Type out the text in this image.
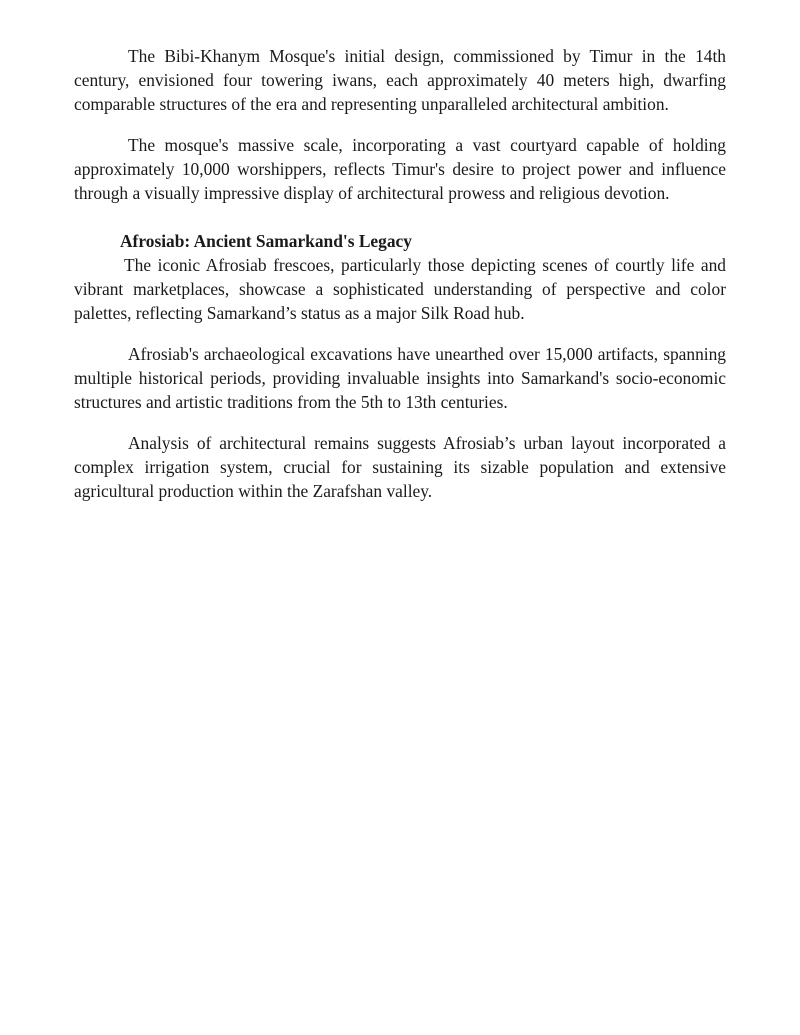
The Bibi-Khanym Mosque's initial design, commissioned by Timur in the 14th century, envisioned four towering iwans, each approximately 40 meters high, dwarfing comparable structures of the era and representing unparalleled architectural ambition.

The mosque's massive scale, incorporating a vast courtyard capable of holding approximately 10,000 worshippers, reflects Timur's desire to project power and influence through a visually impressive display of architectural prowess and religious devotion.

Afrosiab: Ancient Samarkand's Legacy

The iconic Afrosiab frescoes, particularly those depicting scenes of courtly life and vibrant marketplaces, showcase a sophisticated understanding of perspective and color palettes, reflecting Samarkand’s status as a major Silk Road hub.

Afrosiab's archaeological excavations have unearthed over 15,000 artifacts, spanning multiple historical periods, providing invaluable insights into Samarkand's socio-economic structures and artistic traditions from the 5th to 13th centuries.

Analysis of architectural remains suggests Afrosiab’s urban layout incorporated a complex irrigation system, crucial for sustaining its sizable population and extensive agricultural production within the Zarafshan valley.
